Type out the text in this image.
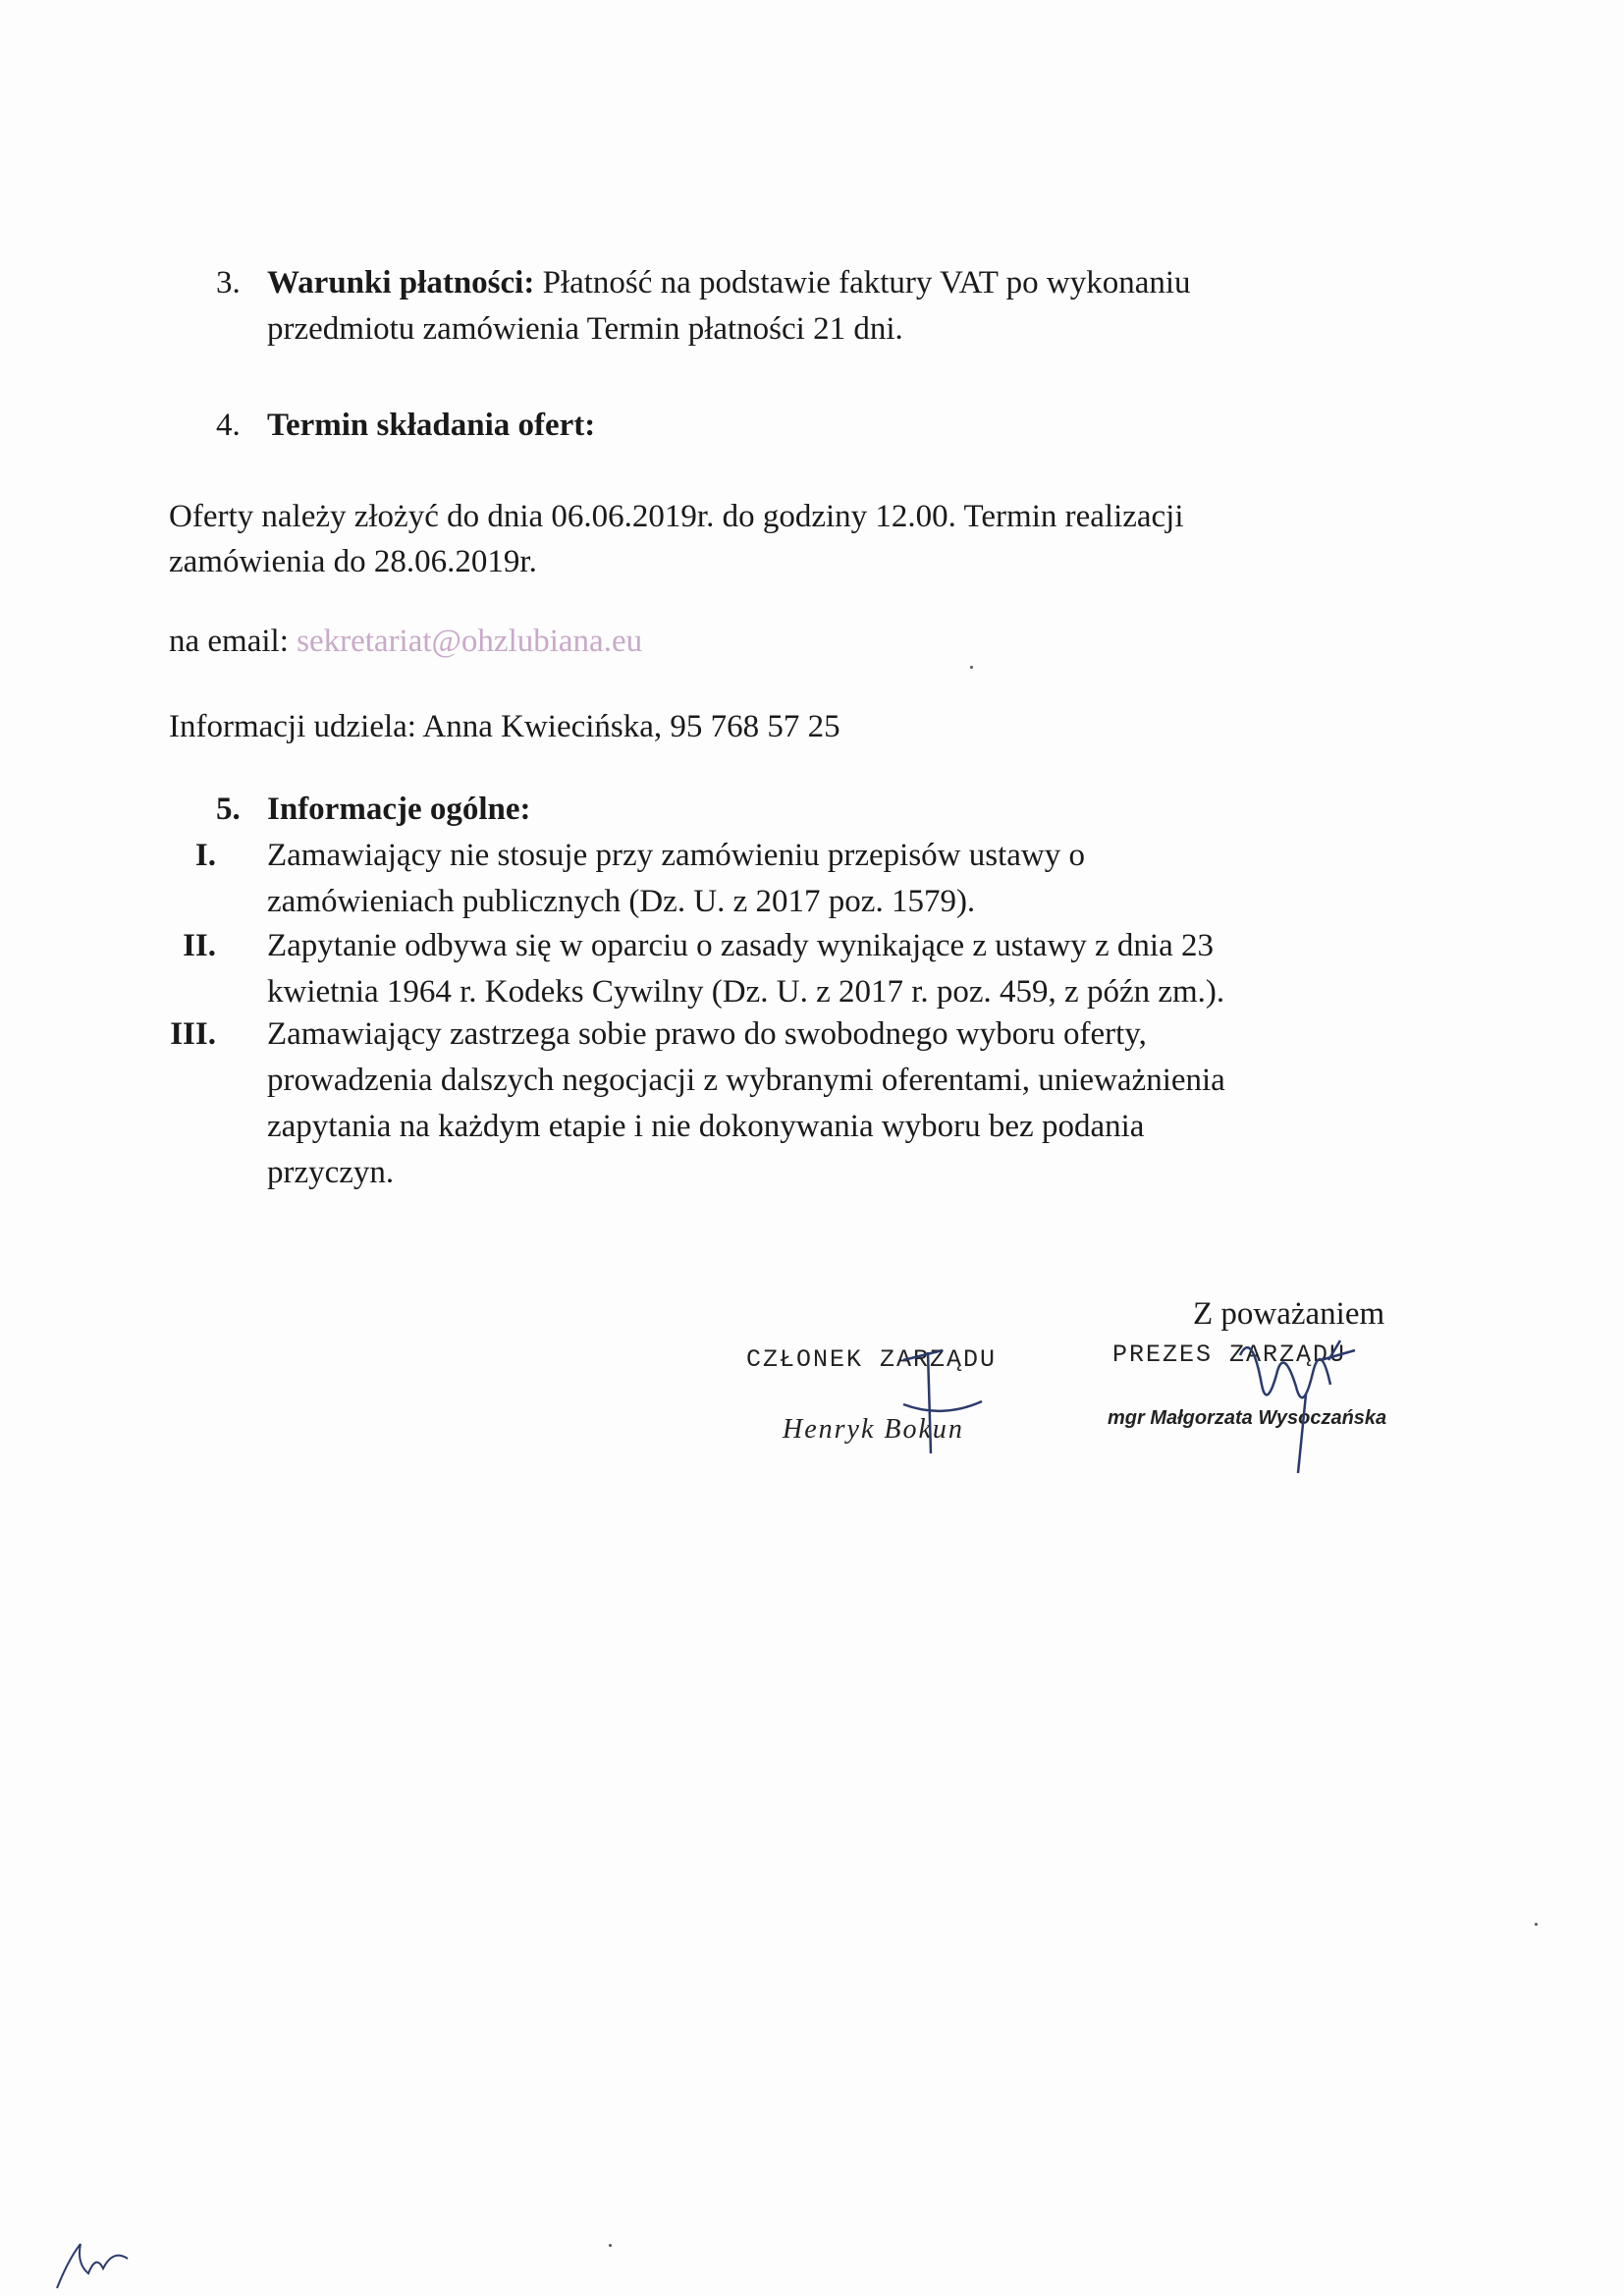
3. Warunki płatności: Płatność na podstawie faktury VAT po wykonaniu
przedmiotu zamówienia Termin płatności 21 dni.
4. Termin składania ofert:
Oferty należy złożyć do dnia 06.06.2019r. do godziny 12.00. Termin realizacji
zamówienia do 28.06.2019r.
na email: sekretariat@ohzlubiana.eu
Informacji udziela: Anna Kwiecińska, 95 768 57 25
5. Informacje ogólne:
I. Zamawiający nie stosuje przy zamówieniu przepisów ustawy o
zamówieniach publicznych (Dz. U. z 2017 poz. 1579).
II. Zapytanie odbywa się w oparciu o zasady wynikające z ustawy z dnia 23
kwietnia 1964 r. Kodeks Cywilny (Dz. U. z 2017 r. poz. 459, z późn zm.).
III. Zamawiający zastrzega sobie prawo do swobodnego wyboru oferty,
prowadzenia dalszych negocjacji z wybranymi oferentami, unieważnienia
zapytania na każdym etapie i nie dokonywania wyboru bez podania
przyczyn.
Z poważaniem
CZŁONEK ZARZĄDU
Henryk Bokun
PREZES ZARZĄDU
mgr Małgorzata Wysoczańska
